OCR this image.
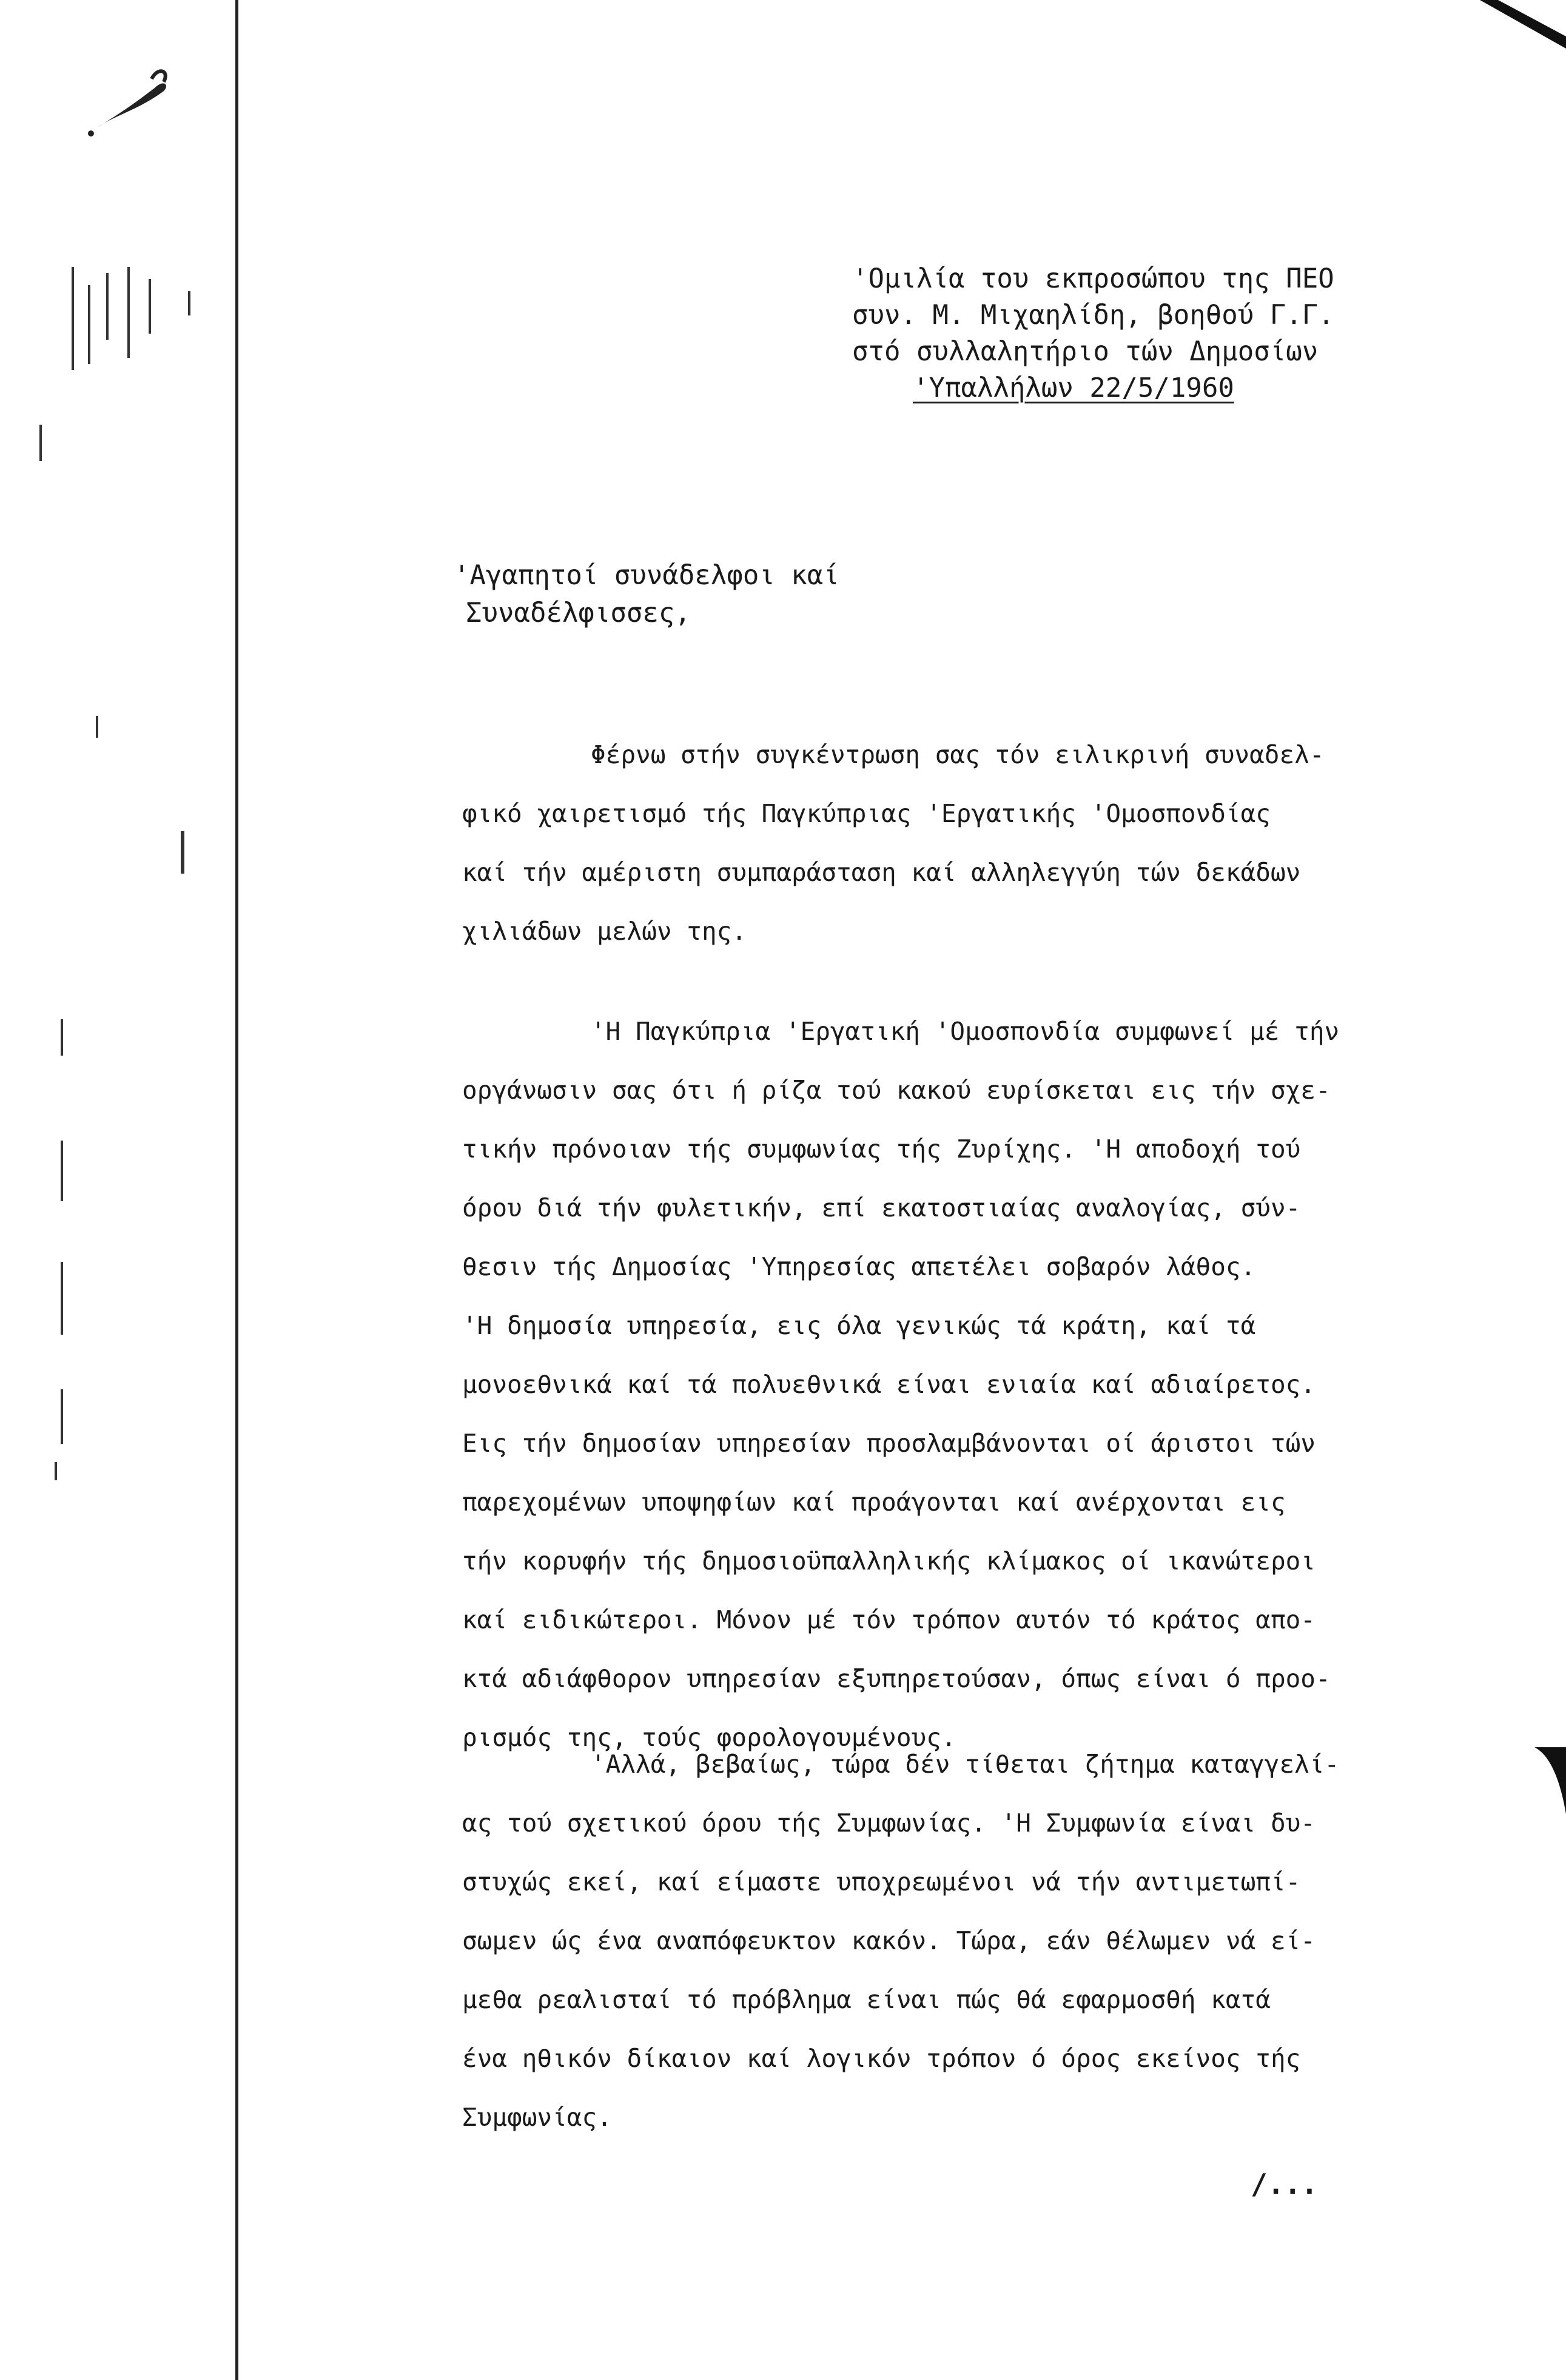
'Ομιλία του εκπροσώπου της ΠΕΟ
συν. Μ. Μιχαηλίδη, βοηθού Γ.Γ.
στό συλλαλητήριο τών Δημοσίων
'Υπαλλήλων 22/5/1960
'Αγαπητοί συνάδελφοι καί
Συναδέλφισσες,
Φέρνω στήν συγκέντρωση σας τόν ειλικρινή συναδελ-
φικό χαιρετισμό τής Παγκύπριας 'Εργατικής 'Ομοσπονδίας
καί τήν αμέριστη συμπαράσταση καί αλληλεγγύη τών δεκάδων
χιλιάδων μελών της.
'Η Παγκύπρια 'Εργατική 'Ομοσπονδία συμφωνεί μέ τήν
οργάνωσιν σας ότι ή ρίζα τού κακού ευρίσκεται εις τήν σχε-
τικήν πρόνοιαν τής συμφωνίας τής Ζυρίχης. 'Η αποδοχή τού
όρου διά τήν φυλετικήν, επί εκατοστιαίας αναλογίας, σύν-
θεσιν τής Δημοσίας 'Υπηρεσίας απετέλει σοβαρόν λάθος.
'Η δημοσία υπηρεσία, εις όλα γενικώς τά κράτη, καί τά
μονοεθνικά καί τά πολυεθνικά είναι ενιαία καί αδιαίρετος.
Εις τήν δημοσίαν υπηρεσίαν προσλαμβάνονται οί άριστοι τών
παρεχομένων υποψηφίων καί προάγονται καί ανέρχονται εις
τήν κορυφήν τής δημοσιοϋπαλληλικής κλίμακος οί ικανώτεροι
καί ειδικώτεροι. Μόνον μέ τόν τρόπον αυτόν τό κράτος απο-
κτά αδιάφθορον υπηρεσίαν εξυπηρετούσαν, όπως είναι ό προο-
ρισμός της, τούς φορολογουμένους.
'Αλλά, βεβαίως, τώρα δέν τίθεται ζήτημα καταγγελί-
ας τού σχετικού όρου τής Συμφωνίας. 'Η Συμφωνία είναι δυ-
στυχώς εκεί, καί είμαστε υποχρεωμένοι νά τήν αντιμετωπί-
σωμεν ώς ένα αναπόφευκτον κακόν. Τώρα, εάν θέλωμεν νά εί-
μεθα ρεαλισταί τό πρόβλημα είναι πώς θά εφαρμοσθή κατά
ένα ηθικόν δίκαιον καί λογικόν τρόπον ό όρος εκείνος τής
Συμφωνίας.
/...
